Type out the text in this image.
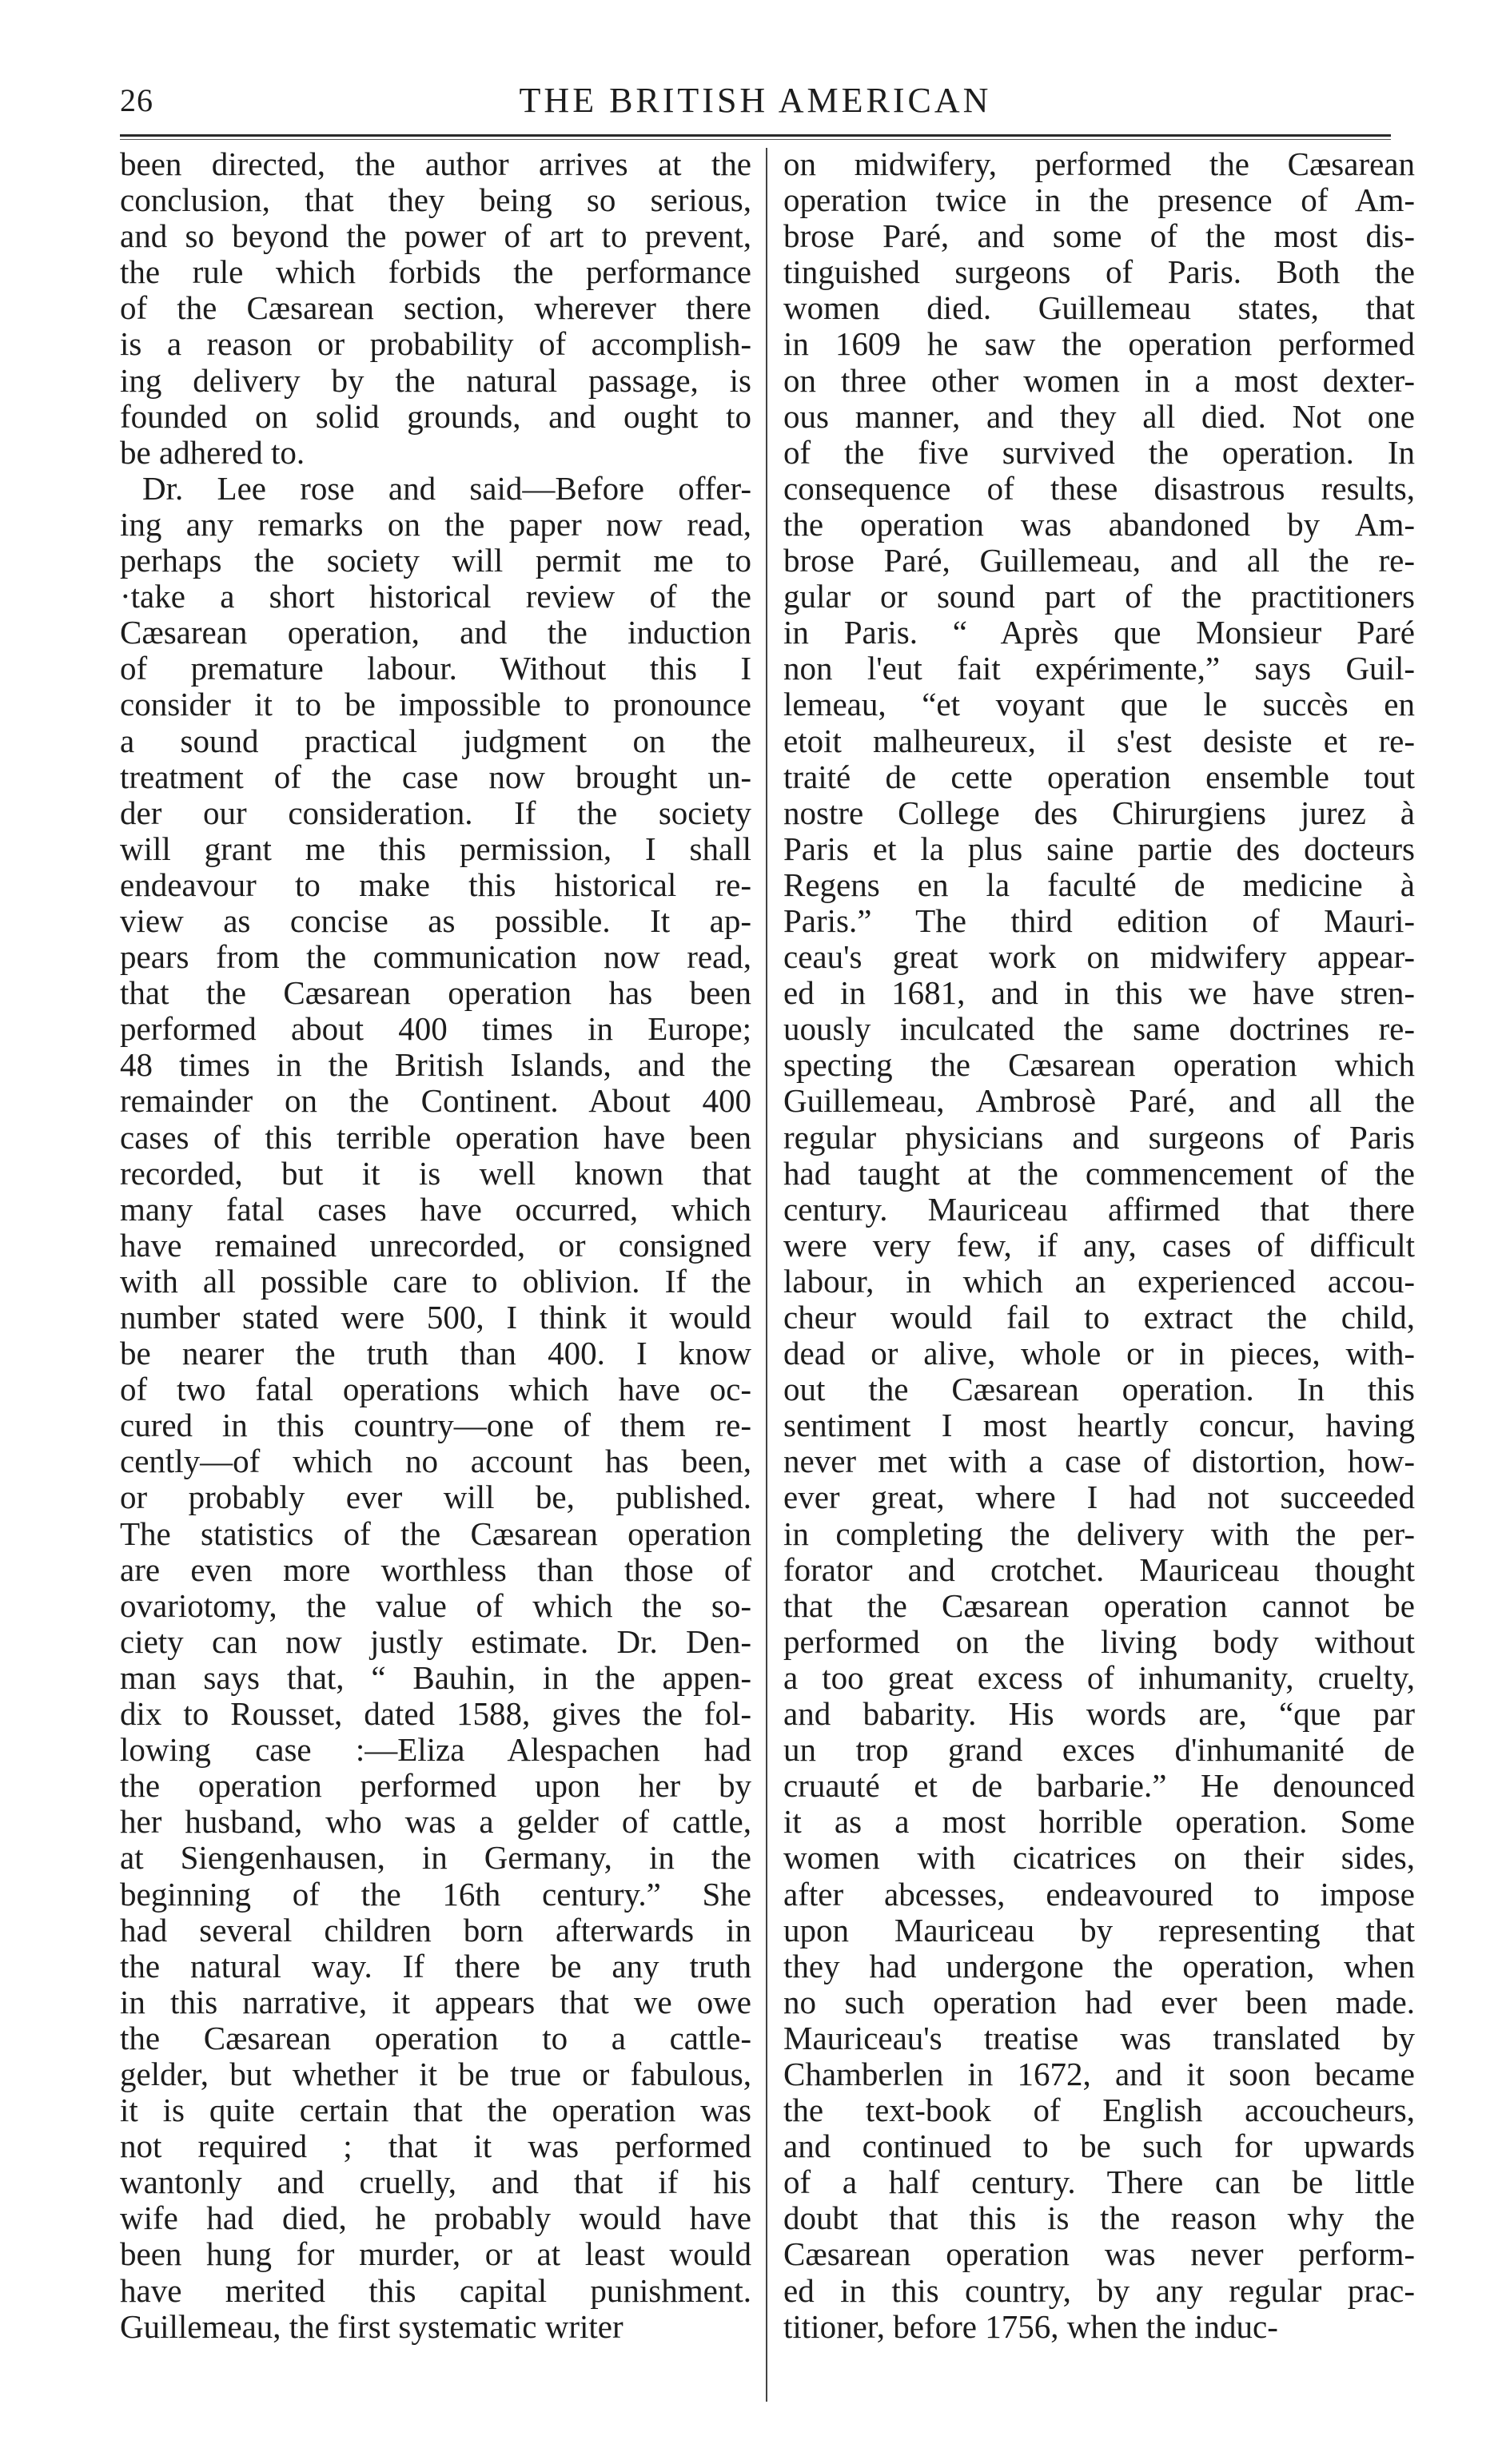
26	THE BRITISH AMERICAN
been directed, the author arrives at the
conclusion, that they being so serious,
and so beyond the power of art to prevent,
the rule which forbids the performance
of the Cæsarean section, wherever there
is a reason or probability of accomplish-
ing delivery by the natural passage, is
founded on solid grounds, and ought to
be adhered to.
Dr. Lee rose and said—Before offer-
ing any remarks on the paper now read,
perhaps the society will permit me to
·take a short historical review of the
Cæsarean operation, and the induction
of premature labour. Without this I
consider it to be impossible to pronounce
a sound practical judgment on the
treatment of the case now brought un-
der our consideration. If the society
will grant me this permission, I shall
endeavour to make this historical re-
view as concise as possible. It ap-
pears from the communication now read,
that the Cæsarean operation has been
performed about 400 times in Europe;
48 times in the British Islands, and the
remainder on the Continent. About 400
cases of this terrible operation have been
recorded, but it is well known that
many fatal cases have occurred, which
have remained unrecorded, or consigned
with all possible care to oblivion. If the
number stated were 500, I think it would
be nearer the truth than 400. I know
of two fatal operations which have oc-
cured in this country—one of them re-
cently—of which no account has been,
or probably ever will be, published.
The statistics of the Cæsarean operation
are even more worthless than those of
ovariotomy, the value of which the so-
ciety can now justly estimate. Dr. Den-
man says that, “ Bauhin, in the appen-
dix to Rousset, dated 1588, gives the fol-
lowing case :—Eliza Alespachen had
the operation performed upon her by
her husband, who was a gelder of cattle,
at Siengenhausen, in Germany, in the
beginning of the 16th century.” She
had several children born afterwards in
the natural way. If there be any truth
in this narrative, it appears that we owe
the Cæsarean operation to a cattle-
gelder, but whether it be true or fabulous,
it is quite certain that the operation was
not required ; that it was performed
wantonly and cruelly, and that if his
wife had died, he probably would have
been hung for murder, or at least would
have merited this capital punishment.
Guillemeau, the first systematic writer
on midwifery, performed the Cæsarean
operation twice in the presence of Am-
brose Paré, and some of the most dis-
tinguished surgeons of Paris. Both the
women died. Guillemeau states, that
in 1609 he saw the operation performed
on three other women in a most dexter-
ous manner, and they all died. Not one
of the five survived the operation. In
consequence of these disastrous results,
the operation was abandoned by Am-
brose Paré, Guillemeau, and all the re-
gular or sound part of the practitioners
in Paris. “ Après que Monsieur Paré
non l'eut fait expérimente,” says Guil-
lemeau, “et voyant que le succès en
etoit malheureux, il s'est desiste et re-
traité de cette operation ensemble tout
nostre College des Chirurgiens jurez à
Paris et la plus saine partie des docteurs
Regens en la faculté de medicine à
Paris.” The third edition of Mauri-
ceau's great work on midwifery appear-
ed in 1681, and in this we have stren-
uously inculcated the same doctrines re-
specting the Cæsarean operation which
Guillemeau, Ambrosè Paré, and all the
regular physicians and surgeons of Paris
had taught at the commencement of the
century. Mauriceau affirmed that there
were very few, if any, cases of difficult
labour, in which an experienced accou-
cheur would fail to extract the child,
dead or alive, whole or in pieces, with-
out the Cæsarean operation. In this
sentiment I most heartly concur, having
never met with a case of distortion, how-
ever great, where I had not succeeded
in completing the delivery with the per-
forator and crotchet. Mauriceau thought
that the Cæsarean operation cannot be
performed on the living body without
a too great excess of inhumanity, cruelty,
and babarity. His words are, “que par
un trop grand exces d'inhumanité de
cruauté et de barbarie.” He denounced
it as a most horrible operation. Some
women with cicatrices on their sides,
after abcesses, endeavoured to impose
upon Mauriceau by representing that
they had undergone the operation, when
no such operation had ever been made.
Mauriceau's treatise was translated by
Chamberlen in 1672, and it soon became
the text-book of English accoucheurs,
and continued to be such for upwards
of a half century. There can be little
doubt that this is the reason why the
Cæsarean operation was never perform-
ed in this country, by any regular prac-
titioner, before 1756, when the induc-
